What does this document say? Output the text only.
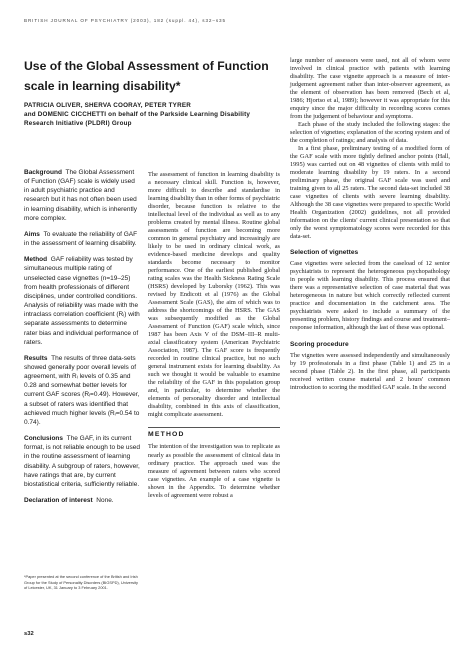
BRITISH JOURNAL OF PSYCHIATRY (2003), 182 (suppl. 44), s32–s35
Use of the Global Assessment of Function scale in learning disability*
PATRICIA OLIVER, SHERVA COORAY, PETER TYRER
and DOMENIC CICCHETTI on behalf of the Parkside Learning Disability Research Initiative (PLDRI) Group

Background The Global Assessment of Function (GAF) scale is widely used in adult psychiatric practice and research but it has not often been used in learning disability, which is inherently more complex.

Aims To evaluate the reliability of GAF in the assessment of learning disability.

Method GAF reliability was tested by simultaneous multiple rating of unselected case vignettes (n=19–25) from health professionals of different disciplines, under controlled conditions. Analysis of reliability was made with the intraclass correlation coefficient (Rᵢ) with separate assessments to determine rater bias and individual performance of raters.

Results The results of three data-sets showed generally poor overall levels of agreement, with Rᵢ levels of 0.35 and 0.28 and somewhat better levels for current GAF scores (Rᵢ=0.49). However, a subset of raters was identified that achieved much higher levels (Rᵢ=0.54 to 0.74).

Conclusions The GAF, in its current format, is not reliable enough to be used in the routine assessment of learning disability. A subgroup of raters, however, have ratings that are, by current biostatistical criteria, sufficiently reliable.

Declaration of interest None.

*Paper presented at the second conference of the British and Irish Group for the Study of Personality Disorders (BIGSPD), University of Leicester, UK, 31 January to 3 February 2001.
s32

The assessment of function in learning disability is a necessary clinical skill. Function is, however, more difficult to describe and standardise in learning disability than in other forms of psychiatric disorder, because function is relative to the intellectual level of the individual as well as to any problems created by mental illness. Routine global assessments of function are becoming more common in general psychiatry and increasingly are likely to be used in ordinary clinical work, as evidence-based medicine develops and quality standards become necessary to monitor performance. One of the earliest published global rating scales was the Health Sickness Rating Scale (HSRS) developed by Luborsky (1962). This was revised by Endicott et al (1976) as the Global Assessment Scale (GAS), the aim of which was to address the shortcomings of the HSRS. The GAS was subsequently modified as the Global Assessment of Function (GAF) scale which, since 1987 has been Axis V of the DSM–III–R multi-axial classificatory system (American Psychiatric Association, 1987). The GAF score is frequently recorded in routine clinical practice, but no such general instrument exists for learning disability. As such we thought it would be valuable to examine the reliability of the GAF in this population group and, in particular, to determine whether the elements of personality disorder and intellectual disability, combined in this axis of classification, might complicate assessment.

METHOD

The intention of the investigation was to replicate as nearly as possible the assessment of clinical data in ordinary practice. The approach used was the measure of agreement between raters who scored case vignettes. An example of a case vignette is shown in the Appendix. To determine whether levels of agreement were robust a

large number of assessors were used, not all of whom were involved in clinical practice with patients with learning disability. The case vignette approach is a measure of inter-judgement agreement rather than inter-observer agreement, as the element of observation has been removed (Bech et al, 1986; Hjortso et al, 1989); however it was appropriate for this enquiry since the major difficulty in recording scores comes from the judgement of behaviour and symptoms.

Each phase of the study included the following stages: the selection of vignettes; explanation of the scoring system and of the completion of ratings; and analysis of data.

In a first phase, preliminary testing of a modified form of the GAF scale with more tightly defined anchor points (Hall, 1995) was carried out on 48 vignettes of clients with mild to moderate learning disability by 19 raters. In a second preliminary phase, the original GAF scale was used and training given to all 25 raters. The second data-set included 38 case vignettes of clients with severe learning disability. Although the 38 case vignettes were prepared to specific World Health Organization (2002) guidelines, not all provided information on the clients' current clinical presentation so that only the worst symptomatology scores were recorded for this data-set.

Selection of vignettes

Case vignettes were selected from the caseload of 12 senior psychiatrists to represent the heterogeneous psychopathology in people with learning disability. This process ensured that there was a representative selection of case material that was heterogeneous in nature but which correctly reflected current practice and documentation in the catchment area. The psychiatrists were asked to include a summary of the presenting problem, history findings and course and treatment–response information, although the last of these was optional.

Scoring procedure

The vignettes were assessed independently and simultaneously by 19 professionals in a first phase (Table 1) and 25 in a second phase (Table 2). In the first phase, all participants received written course material and 2 hours' common introduction to scoring the modified GAF scale. In the second
